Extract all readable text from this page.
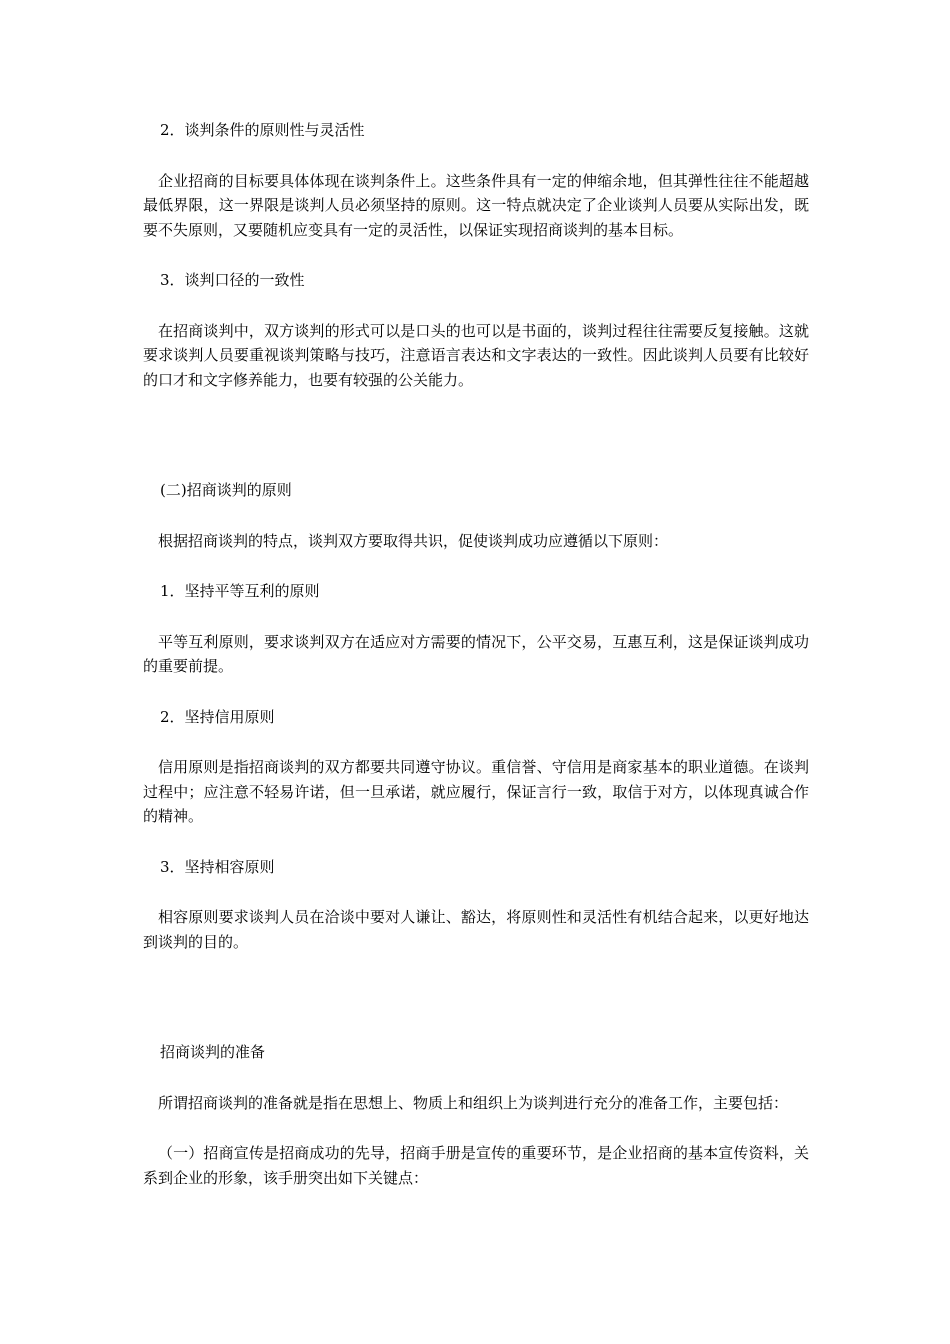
2．谈判条件的原则性与灵活性

企业招商的目标要具体体现在谈判条件上。这些条件具有一定的伸缩余地，但其弹性往往不能超越最低界限，这一界限是谈判人员必须坚持的原则。这一特点就决定了企业谈判人员要从实际出发，既要不失原则，又要随机应变具有一定的灵活性，以保证实现招商谈判的基本目标。

3．谈判口径的一致性

在招商谈判中，双方谈判的形式可以是口头的也可以是书面的，谈判过程往往需要反复接触。这就要求谈判人员要重视谈判策略与技巧，注意语言表达和文字表达的一致性。因此谈判人员要有比较好的口才和文字修养能力，也要有较强的公关能力。

(二)招商谈判的原则

根据招商谈判的特点，谈判双方要取得共识，促使谈判成功应遵循以下原则：

1．坚持平等互利的原则

平等互利原则，要求谈判双方在适应对方需要的情况下，公平交易，互惠互利，这是保证谈判成功的重要前提。

2．坚持信用原则

信用原则是指招商谈判的双方都要共同遵守协议。重信誉、守信用是商家基本的职业道德。在谈判过程中；应注意不轻易许诺，但一旦承诺，就应履行，保证言行一致，取信于对方，以体现真诚合作的精神。

3．坚持相容原则

相容原则要求谈判人员在洽谈中要对人谦让、豁达，将原则性和灵活性有机结合起来，以更好地达到谈判的目的。

招商谈判的准备

所谓招商谈判的准备就是指在思想上、物质上和组织上为谈判进行充分的准备工作，主要包括：

（一）招商宣传是招商成功的先导，招商手册是宣传的重要环节，是企业招商的基本宣传资料，关系到企业的形象，该手册突出如下关键点：
